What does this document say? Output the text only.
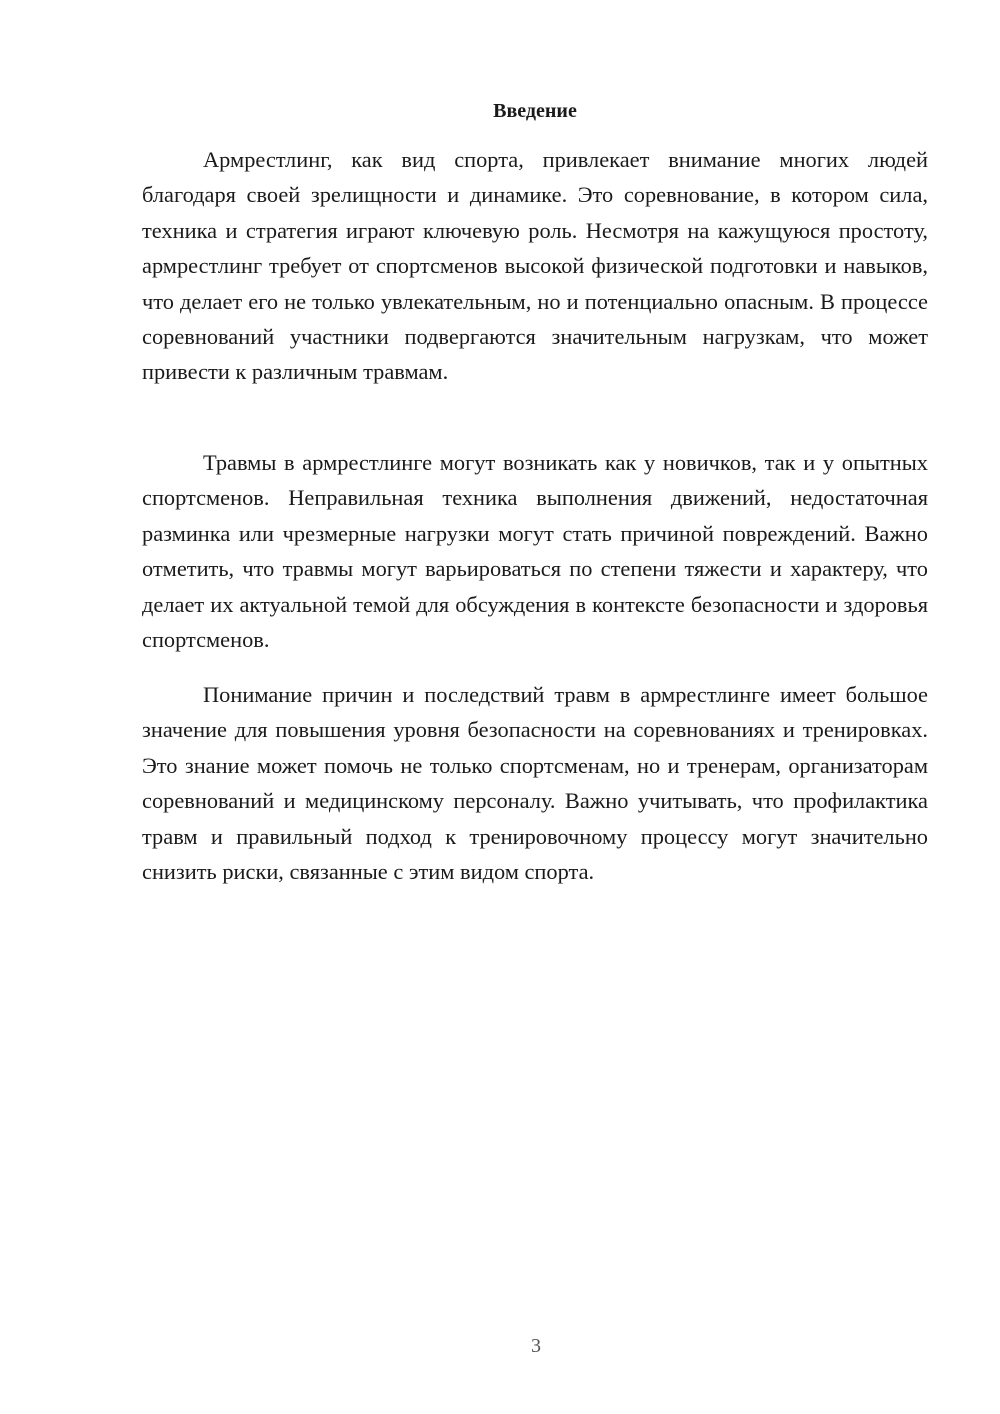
Введение

Армрестлинг, как вид спорта, привлекает внимание многих людей благодаря своей зрелищности и динамике. Это соревнование, в котором сила, техника и стратегия играют ключевую роль. Несмотря на кажущуюся простоту, армрестлинг требует от спортсменов высокой физической подготовки и навыков, что делает его не только увлекательным, но и потенциально опасным. В процессе соревнований участники подвергаются значительным нагрузкам, что может привести к различным травмам.

Травмы в армрестлинге могут возникать как у новичков, так и у опытных спортсменов. Неправильная техника выполнения движений, недостаточная разминка или чрезмерные нагрузки могут стать причиной повреждений. Важно отметить, что травмы могут варьироваться по степени тяжести и характеру, что делает их актуальной темой для обсуждения в контексте безопасности и здоровья спортсменов.

Понимание причин и последствий травм в армрестлинге имеет большое значение для повышения уровня безопасности на соревнованиях и тренировках. Это знание может помочь не только спортсменам, но и тренерам, организаторам соревнований и медицинскому персоналу. Важно учитывать, что профилактика травм и правильный подход к тренировочному процессу могут значительно снизить риски, связанные с этим видом спорта.

3
